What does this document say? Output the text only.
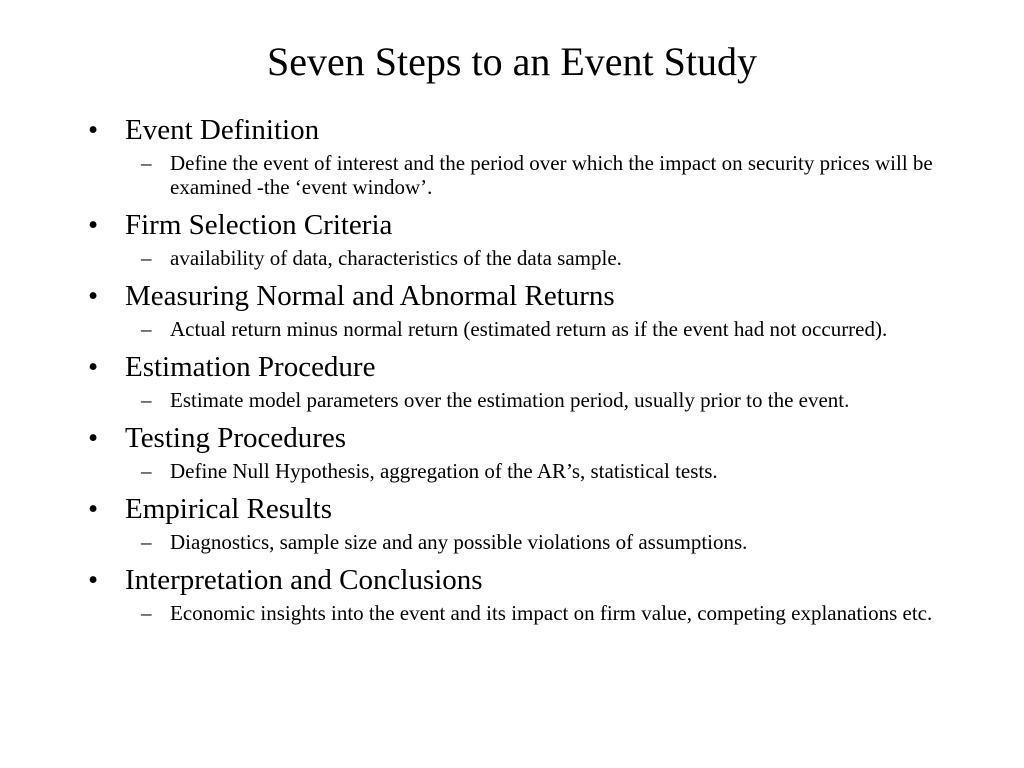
Seven Steps to an Event Study
• Event Definition
– Define the event of interest and the period over which the impact on security prices will be examined -the ‘event window’.
• Firm Selection Criteria
– availability of data, characteristics of the data sample.
• Measuring Normal and Abnormal Returns
– Actual return minus normal return (estimated return as if the event had not occurred).
• Estimation Procedure
– Estimate model parameters over the estimation period, usually prior to the event.
• Testing Procedures
– Define Null Hypothesis, aggregation of the AR’s, statistical tests.
• Empirical Results
– Diagnostics, sample size and any possible violations of assumptions.
• Interpretation and Conclusions
– Economic insights into the event and its impact on firm value, competing explanations etc.
